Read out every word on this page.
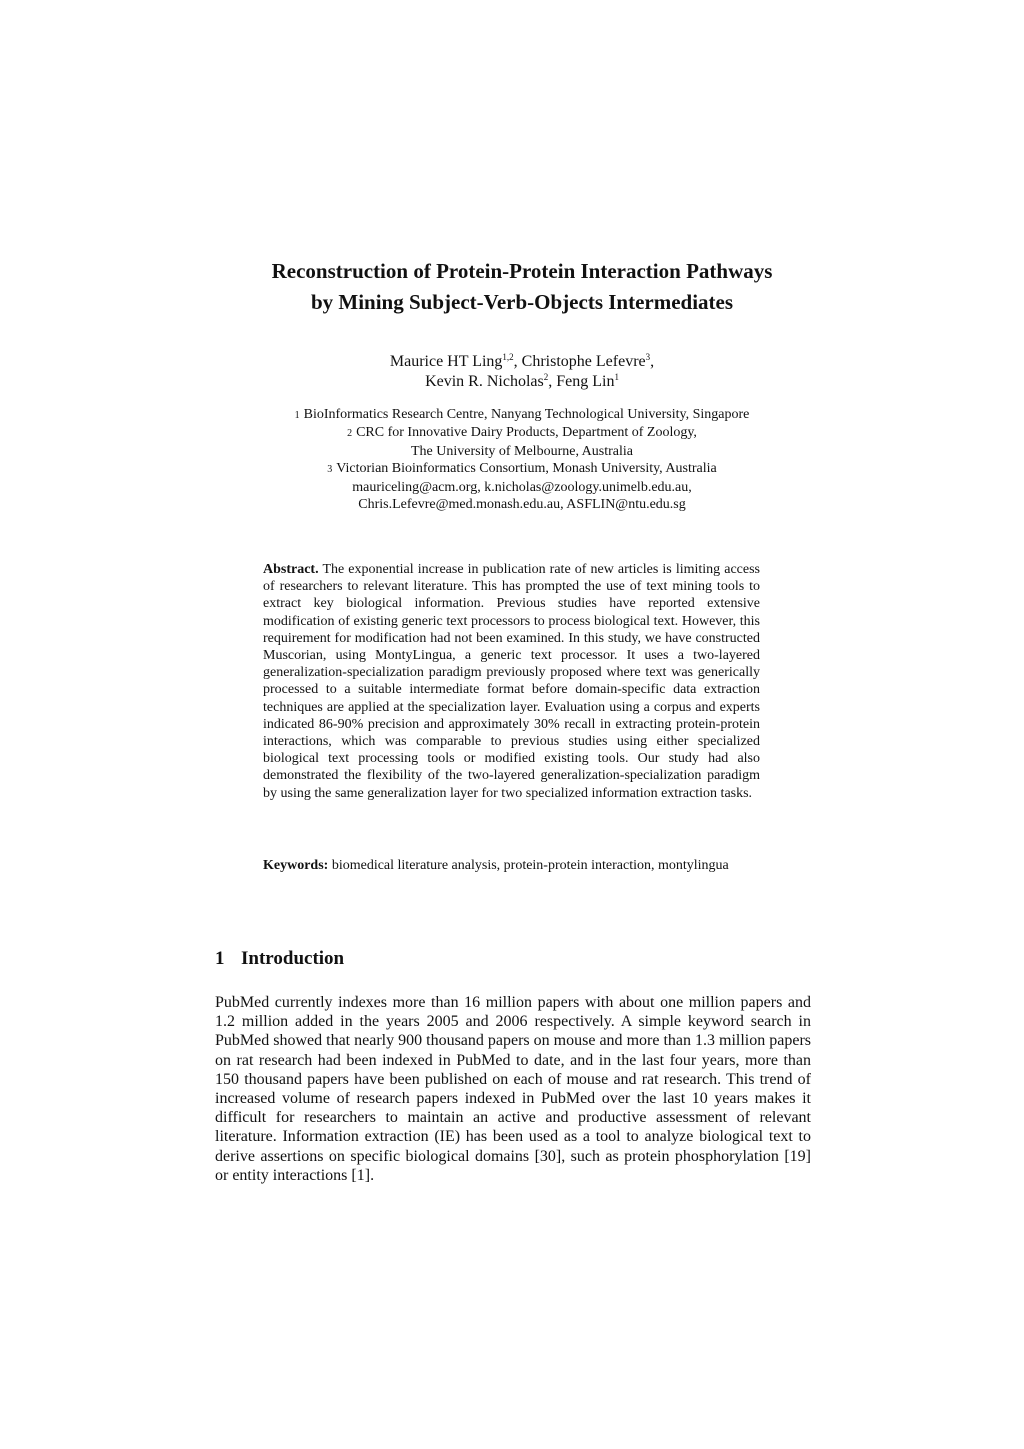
Reconstruction of Protein-Protein Interaction Pathways
by Mining Subject-Verb-Objects Intermediates
Maurice HT Ling$^{1,2}$, Christophe Lefevre$^3$,
Kevin R. Nicholas$^2$, Feng Lin$^1$
1 BioInformatics Research Centre, Nanyang Technological University, Singapore
2 CRC for Innovative Dairy Products, Department of Zoology,
The University of Melbourne, Australia
3 Victorian Bioinformatics Consortium, Monash University, Australia
mauriceling@acm.org, k.nicholas@zoology.unimelb.edu.au,
Chris.Lefevre@med.monash.edu.au, ASFLIN@ntu.edu.sg
Abstract. The exponential increase in publication rate of new articles is limiting access of researchers to relevant literature. This has prompted the use of text mining tools to extract key biological information. Previous studies have reported extensive modification of existing generic text processors to process biological text. However, this requirement for modification had not been examined. In this study, we have constructed Muscorian, using MontyLingua, a generic text processor. It uses a two-layered generalization-specialization paradigm previously proposed where text was generically processed to a suitable intermediate format before domain-specific data extraction techniques are applied at the specialization layer. Evaluation using a corpus and experts indicated 86-90% precision and approximately 30% recall in extracting protein-protein interactions, which was comparable to previous studies using either specialized biological text processing tools or modified existing tools. Our study had also demonstrated the flexibility of the two-layered generalization-specialization paradigm by using the same generalization layer for two specialized information extraction tasks.
Keywords: biomedical literature analysis, protein-protein interaction, montylingua
1 Introduction
PubMed currently indexes more than 16 million papers with about one million papers and 1.2 million added in the years 2005 and 2006 respectively. A simple keyword search in PubMed showed that nearly 900 thousand papers on mouse and more than 1.3 million papers on rat research had been indexed in PubMed to date, and in the last four years, more than 150 thousand papers have been published on each of mouse and rat research. This trend of increased volume of research papers indexed in PubMed over the last 10 years makes it difficult for researchers to maintain an active and productive assessment of relevant literature. Information extraction (IE) has been used as a tool to analyze biological text to derive assertions on specific biological domains [30], such as protein phosphorylation [19] or entity interactions [1].
